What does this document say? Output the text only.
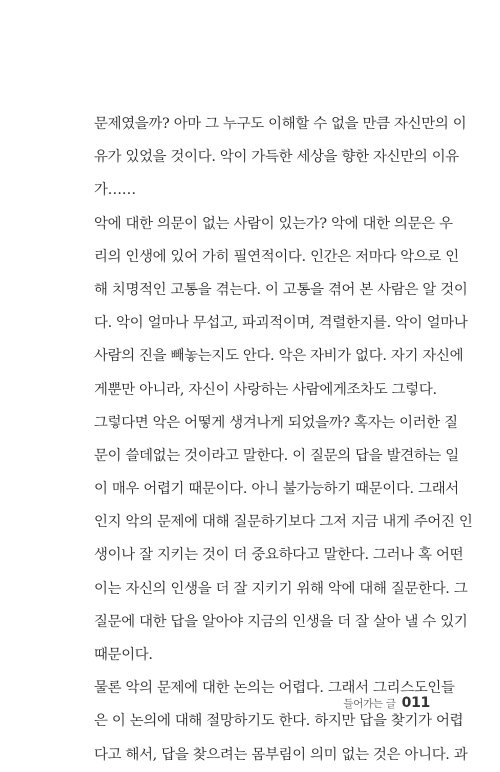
문제였을까? 아마 그 누구도 이해할 수 없을 만큼 자신만의 이
유가 있었을 것이다. 악이 가득한 세상을 향한 자신만의 이유
가……
악에 대한 의문이 없는 사람이 있는가? 악에 대한 의문은 우
리의 인생에 있어 가히 필연적이다. 인간은 저마다 악으로 인
해 치명적인 고통을 겪는다. 이 고통을 겪어 본 사람은 알 것이
다. 악이 얼마나 무섭고, 파괴적이며, 격렬한지를. 악이 얼마나
사람의 진을 빼놓는지도 안다. 악은 자비가 없다. 자기 자신에
게뿐만 아니라, 자신이 사랑하는 사람에게조차도 그렇다.
그렇다면 악은 어떻게 생겨나게 되었을까? 혹자는 이러한 질
문이 쓸데없는 것이라고 말한다. 이 질문의 답을 발견하는 일
이 매우 어렵기 때문이다. 아니 불가능하기 때문이다. 그래서
인지 악의 문제에 대해 질문하기보다 그저 지금 내게 주어진 인
생이나 잘 지키는 것이 더 중요하다고 말한다. 그러나 혹 어떤
이는 자신의 인생을 더 잘 지키기 위해 악에 대해 질문한다. 그
질문에 대한 답을 알아야 지금의 인생을 더 잘 살아 낼 수 있기
때문이다.
물론 악의 문제에 대한 논의는 어렵다. 그래서 그리스도인들
은 이 논의에 대해 절망하기도 한다. 하지만 답을 찾기가 어렵
다고 해서, 답을 찾으려는 몸부림이 의미 없는 것은 아니다. 과
들어가는 글 011
